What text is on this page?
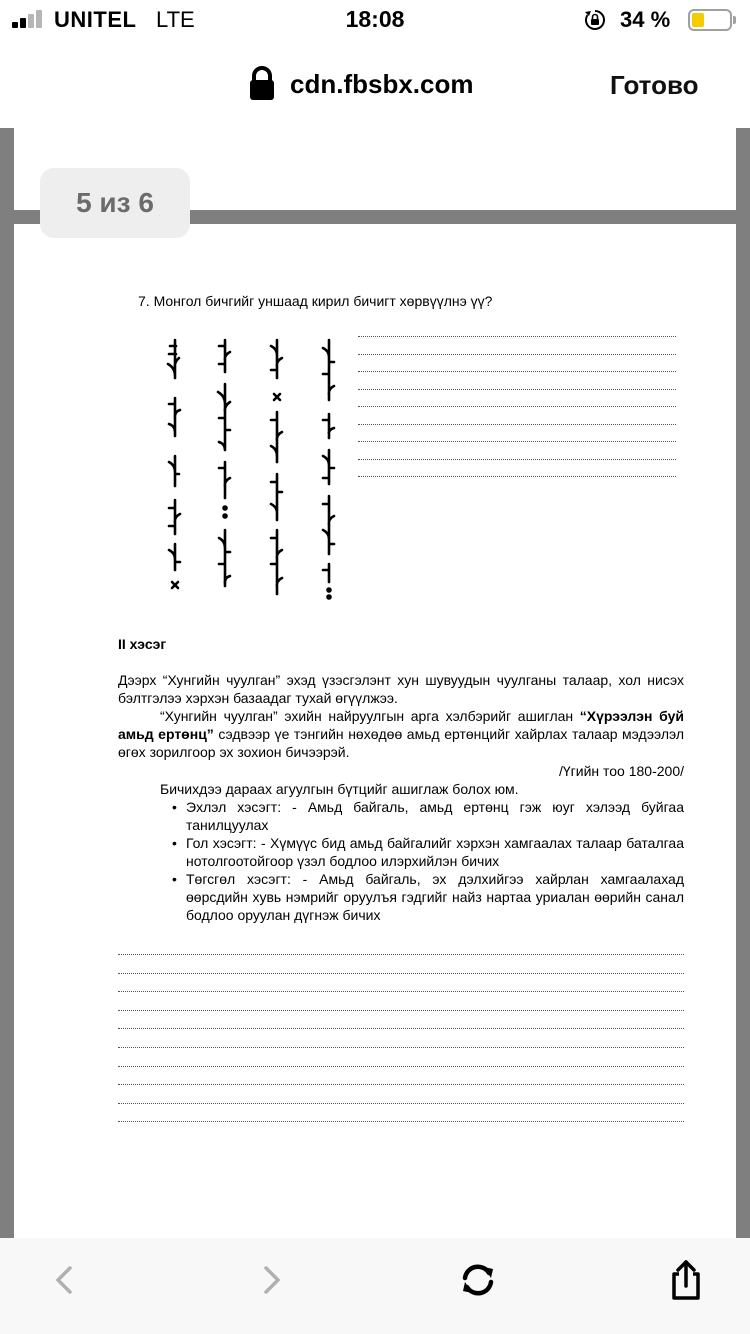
UNITEL LTE	18:08	34 %
cdn.fbsbx.com	Готово
5 из 6
7. Монгол бичгийг уншаад кирил бичигт хөрвүүлнэ үү?
II хэсэг
Дээрх “Хунгийн чуулган” эхэд үзэсгэлэнт хун шувуудын чуулганы талаар, хол нисэх бэлтгэлээ хэрхэн базаадаг тухай өгүүлжээ.
“Хунгийн чуулган” эхийн найруулгын арга хэлбэрийг ашиглан “Хүрээлэн буй амьд ертөнц” сэдвээр үе тэнгийн нөхөдөө амьд ертөнцийг хайрлах талаар мэдээлэл өгөх зорилгоор эх зохион бичээрэй.
/Үгийн тоо 180-200/
Бичихдээ дараах агуулгын бүтцийг ашиглаж болох юм.
• Эхлэл хэсэгт: - Амьд байгаль, амьд ертөнц гэж юуг хэлээд буйгаа танилцуулах
• Гол хэсэгт: - Хүмүүс бид амьд байгалийг хэрхэн хамгаалах талаар баталгаа нотолгоотойгоор үзэл бодлоо илэрхийлэн бичих
• Төгсгөл хэсэгт: - Амьд байгаль, эх дэлхийгээ хайрлан хамгаалахад өөрсдийн хувь нэмрийг оруулъя гэдгийг найз нартаа уриалан өөрийн санал бодлоо оруулан дүгнэж бичих
